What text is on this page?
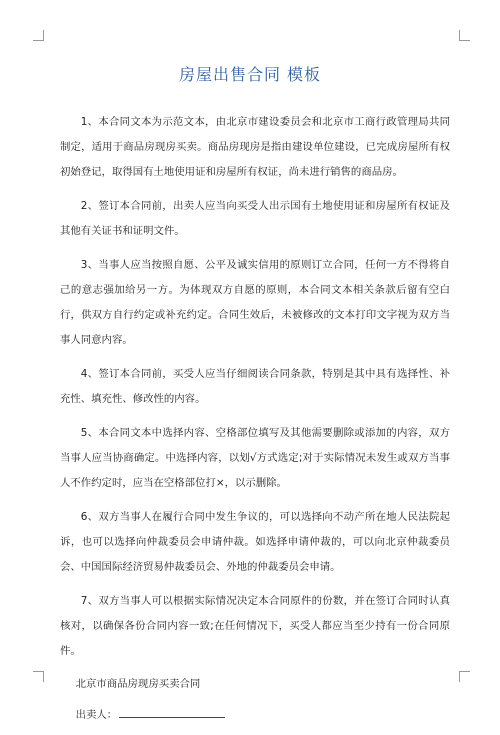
房屋出售合同 模板

1、本合同文本为示范文本，由北京市建设委员会和北京市工商行政管理局共同制定，适用于商品房现房买卖。商品房现房是指由建设单位建设，已完成房屋所有权初始登记，取得国有土地使用证和房屋所有权证，尚未进行销售的商品房。

2、签订本合同前，出卖人应当向买受人出示国有土地使用证和房屋所有权证及其他有关证书和证明文件。

3、当事人应当按照自愿、公平及诚实信用的原则订立合同，任何一方不得将自己的意志强加给另一方。为体现双方自愿的原则，本合同文本相关条款后留有空白行，供双方自行约定或补充约定。合同生效后，未被修改的文本打印文字视为双方当事人同意内容。

4、签订本合同前，买受人应当仔细阅读合同条款，特别是其中具有选择性、补充性、填充性、修改性的内容。

5、本合同文本中选择内容、空格部位填写及其他需要删除或添加的内容，双方当事人应当协商确定。中选择内容，以划√方式选定;对于实际情况未发生或双方当事人不作约定时，应当在空格部位打×，以示删除。

6、双方当事人在履行合同中发生争议的，可以选择向不动产所在地人民法院起诉，也可以选择向仲裁委员会申请仲裁。如选择申请仲裁的，可以向北京仲裁委员会、中国国际经济贸易仲裁委员会、外地的仲裁委员会申请。

7、双方当事人可以根据实际情况决定本合同原件的份数，并在签订合同时认真核对，以确保各份合同内容一致;在任何情况下，买受人都应当至少持有一份合同原件。

北京市商品房现房买卖合同
出卖人：
